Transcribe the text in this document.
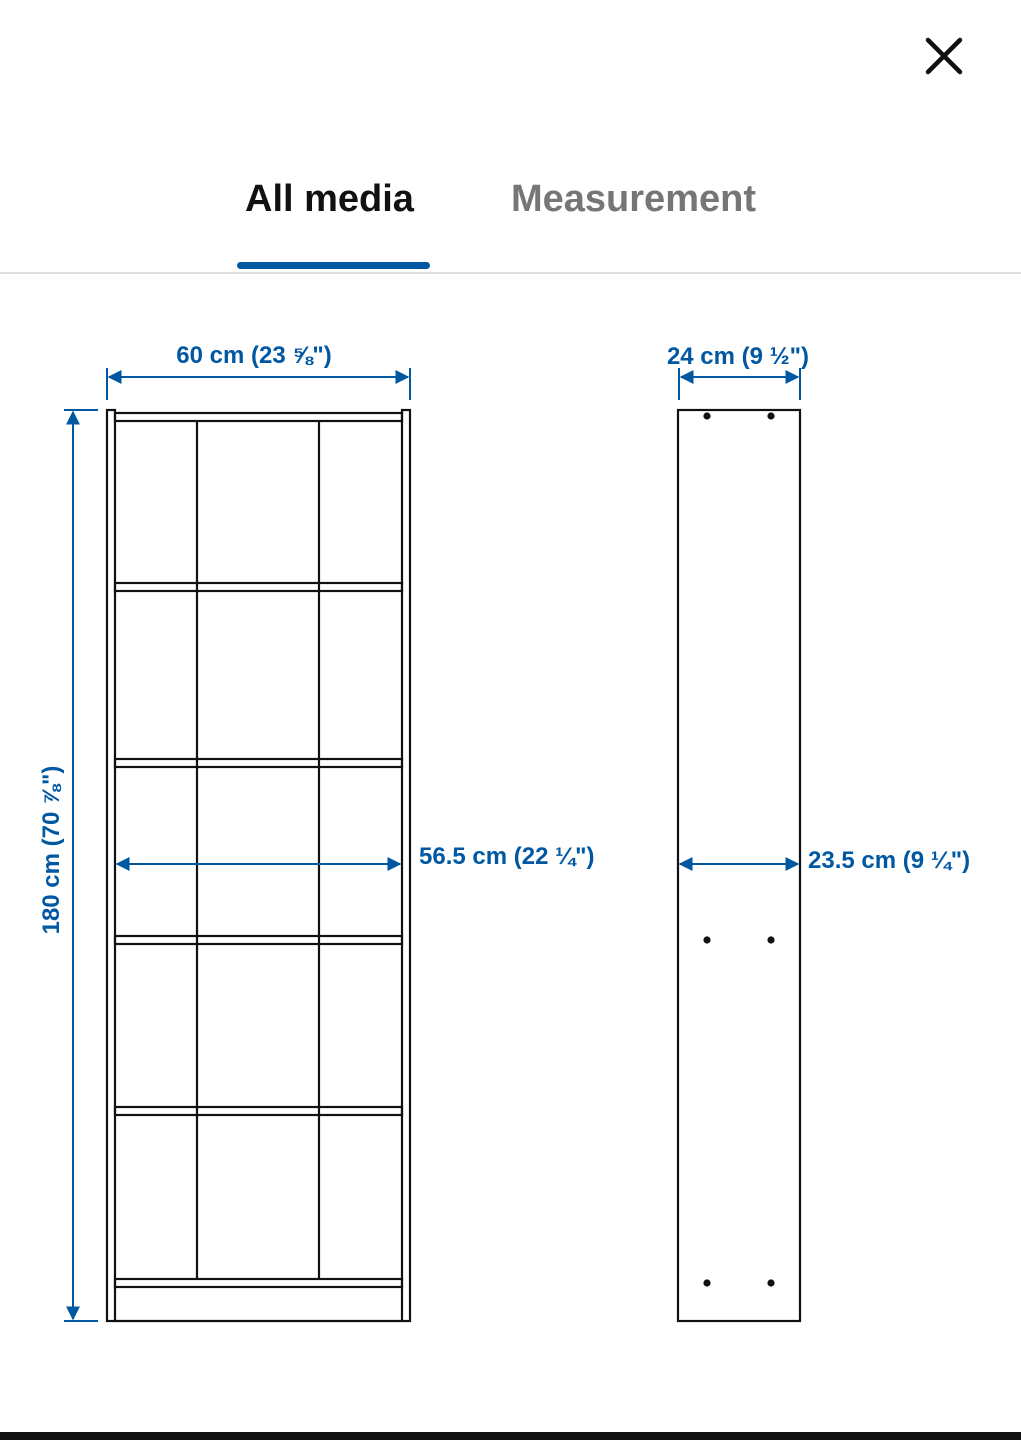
All media	Measurement
60 cm (23 ⅝")
180 cm (70 ⅞")	56.5 cm (22 ¼")
24 cm (9 ½")
23.5 cm (9 ¼")
